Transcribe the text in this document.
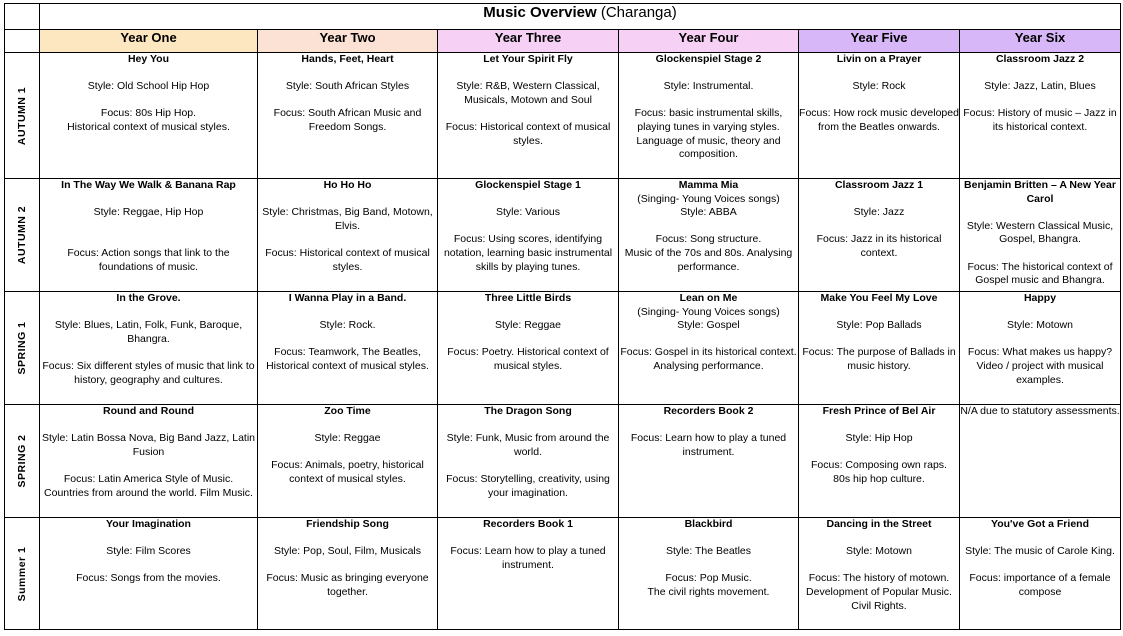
	Music Overview (Charanga)					
	Year One	Year Two	Year Three	Year Four	Year Five	Year Six

AUTUMN 1	Hey You
Style: Old School Hip Hop
Focus: 80s Hip Hop.
Historical context of musical styles.	Hands, Feet, Heart
Style: South African Styles
Focus: South African Music and Freedom Songs.	Let Your Spirit Fly
Style: R&B, Western Classical, Musicals, Motown and Soul
Focus: Historical context of musical styles.	Glockenspiel Stage 2
Style: Instrumental.
Focus: basic instrumental skills, playing tunes in varying styles.
Language of music, theory and composition.	Livin on a Prayer
Style: Rock
Focus: How rock music developed from the Beatles onwards.	Classroom Jazz 2
Style: Jazz, Latin, Blues
Focus: History of music – Jazz in its historical context.

AUTUMN 2	In The Way We Walk & Banana Rap
Style: Reggae, Hip Hop
Focus: Action songs that link to the foundations of music.	Ho Ho Ho
Style: Christmas, Big Band, Motown, Elvis.
Focus: Historical context of musical styles.	Glockenspiel Stage 1
Style: Various
Focus: Using scores, identifying notation, learning basic instrumental skills by playing tunes.	Mamma Mia
(Singing- Young Voices songs)
Style: ABBA
Focus: Song structure.
Music of the 70s and 80s. Analysing performance.	Classroom Jazz 1
Style: Jazz
Focus: Jazz in its historical context.	Benjamin Britten – A New Year Carol
Style: Western Classical Music, Gospel, Bhangra.
Focus: The historical context of Gospel music and Bhangra.

SPRING 1	In the Grove.
Style: Blues, Latin, Folk, Funk, Baroque, Bhangra.
Focus: Six different styles of music that link to history, geography and cultures.	I Wanna Play in a Band.
Style: Rock.
Focus: Teamwork, The Beatles, Historical context of musical styles.	Three Little Birds
Style: Reggae
Focus: Poetry. Historical context of musical styles.	Lean on Me
(Singing- Young Voices songs)
Style: Gospel
Focus: Gospel in its historical context.
Analysing performance.	Make You Feel My Love
Style: Pop Ballads
Focus: The purpose of Ballads in music history.	Happy
Style: Motown
Focus: What makes us happy? Video / project with musical examples.

SPRING 2	Round and Round
Style: Latin Bossa Nova, Big Band Jazz, Latin Fusion
Focus: Latin America Style of Music. Countries from around the world. Film Music.	Zoo Time
Style: Reggae
Focus: Animals, poetry, historical context of musical styles.	The Dragon Song
Style: Funk, Music from around the world.
Focus: Storytelling, creativity, using your imagination.	Recorders Book 2
Focus: Learn how to play a tuned instrument.	Fresh Prince of Bel Air
Style: Hip Hop
Focus: Composing own raps.
80s hip hop culture.	N/A due to statutory assessments.

Summer 1	Your Imagination
Style: Film Scores
Focus: Songs from the movies.	Friendship Song
Style: Pop, Soul, Film, Musicals
Focus: Music as bringing everyone together.	Recorders Book 1
Focus: Learn how to play a tuned instrument.	Blackbird
Style: The Beatles
Focus: Pop Music.
The civil rights movement.	Dancing in the Street
Style: Motown
Focus: The history of motown. Development of Popular Music. Civil Rights.	You've Got a Friend
Style: The music of Carole King.
Focus: importance of a female compose
